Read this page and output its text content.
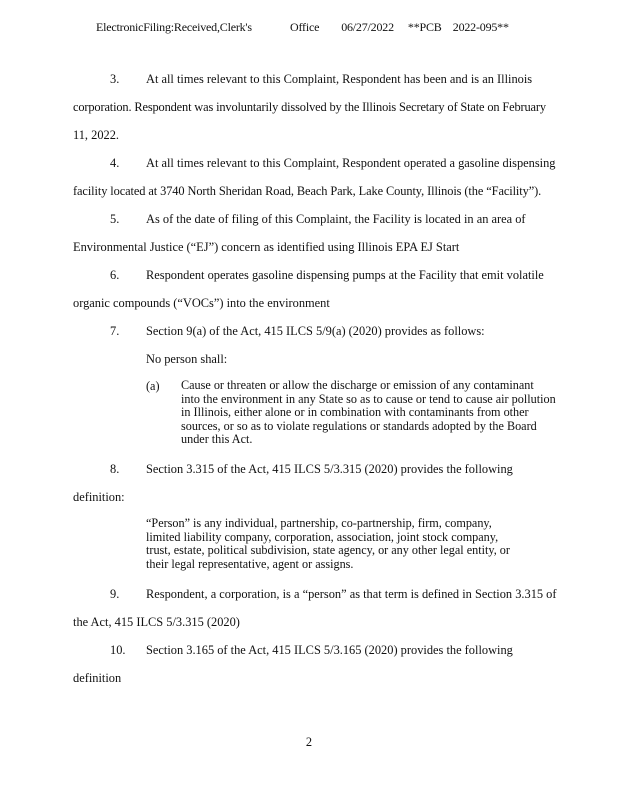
ElectronicFiling:Received,Clerk's	Office 06/27/2022 **PCB    2022-095**
3. At all times relevant to this Complaint, Respondent has been and is an Illinois
corporation. Respondent was involuntarily dissolved by the Illinois Secretary of State on February
11, 2022.
4. At all times relevant to this Complaint, Respondent operated a gasoline dispensing
facility located at 3740 North Sheridan Road, Beach Park, Lake County, Illinois (the “Facility”).
5. As of the date of filing of this Complaint, the Facility is located in an area of
Environmental Justice (“EJ”) concern as identified using Illinois EPA EJ Start
6. Respondent operates gasoline dispensing pumps at the Facility that emit volatile
organic compounds (“VOCs”) into the environment
7. Section 9(a) of the Act, 415 ILCS 5/9(a) (2020) provides as follows:
No person shall:
(a) Cause or threaten or allow the discharge or emission of any contaminant
into the environment in any State so as to cause or tend to cause air pollution
in Illinois, either alone or in combination with contaminants from other
sources, or so as to violate regulations or standards adopted by the Board
under this Act.
8. Section 3.315 of the Act, 415 ILCS 5/3.315 (2020) provides the following
definition:
“Person” is any individual, partnership, co-partnership, firm, company,
limited liability company, corporation, association, joint stock company,
trust, estate, political subdivision, state agency, or any other legal entity, or
their legal representative, agent or assigns.
9. Respondent, a corporation, is a “person” as that term is defined in Section 3.315 of
the Act, 415 ILCS 5/3.315 (2020)
10. Section 3.165 of the Act, 415 ILCS 5/3.165 (2020) provides the following
definition
2
